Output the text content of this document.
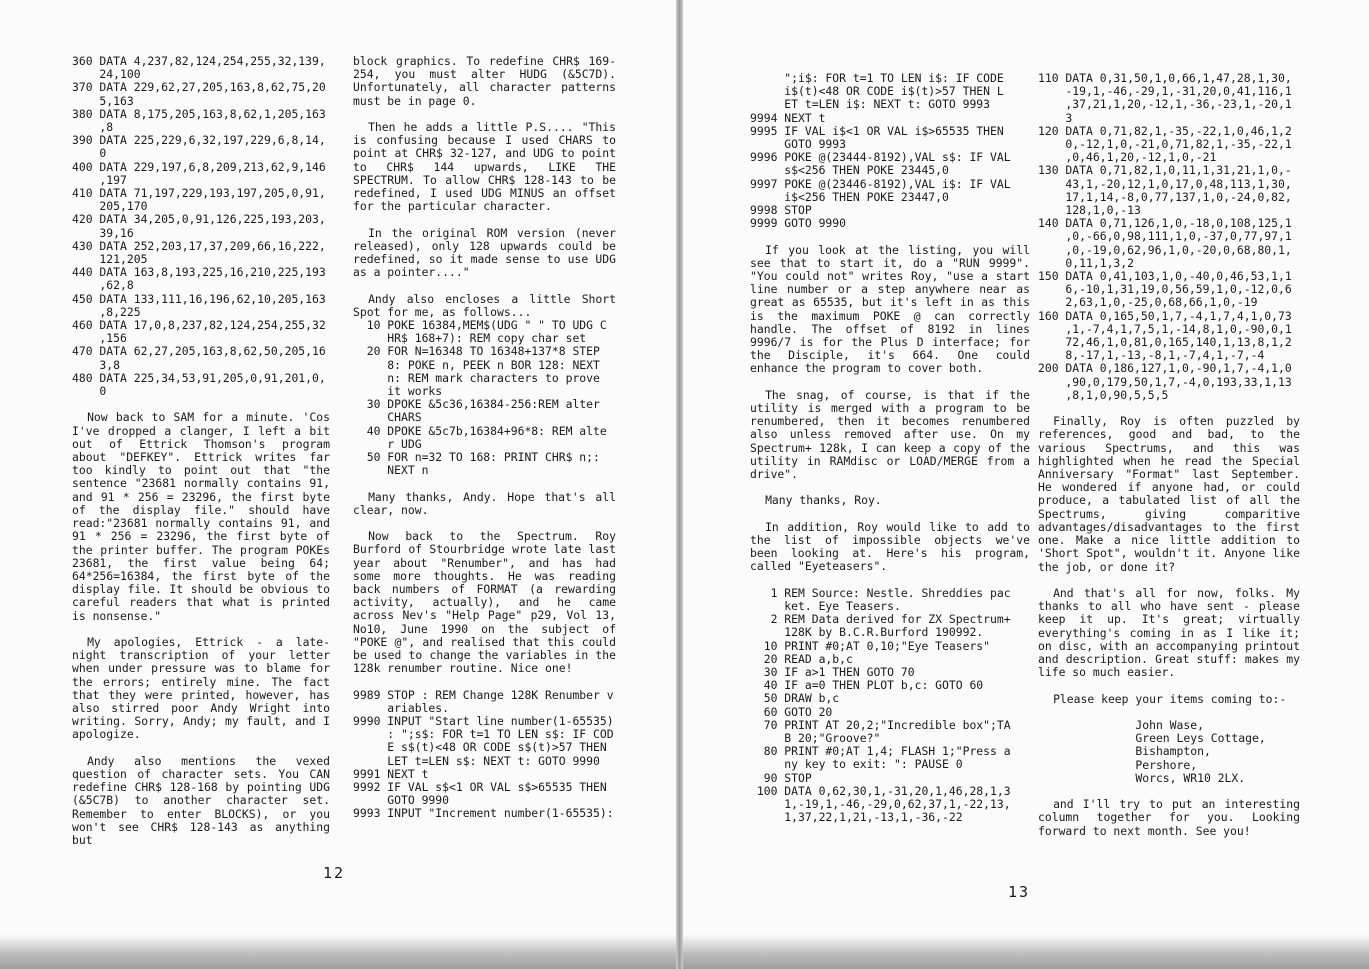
360 DATA 4,237,82,124,254,255,32,139,
24,100
370 DATA 229,62,27,205,163,8,62,75,20
5,163
380 DATA 8,175,205,163,8,62,1,205,163
,8
390 DATA 225,229,6,32,197,229,6,8,14,
0
400 DATA 229,197,6,8,209,213,62,9,146
,197
410 DATA 71,197,229,193,197,205,0,91,
205,170
420 DATA 34,205,0,91,126,225,193,203,
39,16
430 DATA 252,203,17,37,209,66,16,222,
121,205
440 DATA 163,8,193,225,16,210,225,193
,62,8
450 DATA 133,111,16,196,62,10,205,163
,8,225
460 DATA 17,0,8,237,82,124,254,255,32
,156
470 DATA 62,27,205,163,8,62,50,205,16
3,8
480 DATA 225,34,53,91,205,0,91,201,0,
0

Now back to SAM for a minute. 'Cos I've dropped a clanger, I left a bit out of Ettrick Thomson's program about "DEFKEY". Ettrick writes far too kindly to point out that "the sentence "23681 normally contains 91, and 91 * 256 = 23296, the first byte of the display file." should have read:"23681 normally contains 91, and 91 * 256 = 23296, the first byte of the printer buffer. The program POKEs 23681, the first value being 64; 64*256=16384, the first byte of the display file. It should be obvious to careful readers that what is printed is nonsense."

My apologies, Ettrick - a late-night transcription of your letter when under pressure was to blame for the errors; entirely mine. The fact that they were printed, however, has also stirred poor Andy Wright into writing. Sorry, Andy; my fault, and I apologize.

Andy also mentions the vexed question of character sets. You CAN redefine CHR$ 128-168 by pointing UDG (&5C7B) to another character set. Remember to enter BLOCKS), or you won't see CHR$ 128-143 as anything but

block graphics. To redefine CHR$ 169-254, you must alter HUDG (&5C7D). Unfortunately, all character patterns must be in page 0.

Then he adds a little P.S.... "This is confusing because I used CHARS to point at CHR$ 32-127, and UDG to point to CHR$ 144 upwards, LIKE THE SPECTRUM. To allow CHR$ 128-143 to be redefined, I used UDG MINUS an offset for the particular character.

In the original ROM version (never released), only 128 upwards could be redefined, so it made sense to use UDG as a pointer...."

Andy also encloses a little Short Spot for me, as follows...

10 POKE 16384,MEM$(UDG " " TO UDG C
HR$ 168+7): REM copy char set
20 FOR N=16348 TO 16348+137*8 STEP
8: POKE n, PEEK n BOR 128: NEXT
n: REM mark characters to prove
it works
30 DPOKE &5c36,16384-256:REM alter
CHARS
40 DPOKE &5c7b,16384+96*8: REM alte
r UDG
50 FOR n=32 TO 168: PRINT CHR$ n;:
NEXT n

Many thanks, Andy. Hope that's all clear, now.

Now back to the Spectrum. Roy Burford of Stourbridge wrote late last year about "Renumber", and has had some more thoughts. He was reading back numbers of FORMAT (a rewarding activity, actually), and he came across Nev's "Help Page" p29, Vol 13, No10, June 1990 on the subject of "POKE @", and realised that this could be used to change the variables in the 128k renumber routine. Nice one!

9989 STOP : REM Change 128K Renumber v
ariables.
9990 INPUT "Start line number(1-65535)
: ";s$: FOR t=1 TO LEN s$: IF COD
E s$(t)<48 OR CODE s$(t)>57 THEN
LET t=LEN s$: NEXT t: GOTO 9990
9991 NEXT t
9992 IF VAL s$<1 OR VAL s$>65535 THEN
GOTO 9990
9993 INPUT "Increment number(1-65535):
12
";i$: FOR t=1 TO LEN i$: IF CODE
i$(t)<48 OR CODE i$(t)>57 THEN L
ET t=LEN i$: NEXT t: GOTO 9993
9994 NEXT t
9995 IF VAL i$<1 OR VAL i$>65535 THEN
GOTO 9993
9996 POKE @(23444-8192),VAL s$: IF VAL
s$<256 THEN POKE 23445,0
9997 POKE @(23446-8192),VAL i$: IF VAL
i$<256 THEN POKE 23447,0
9998 STOP
9999 GOTO 9990

If you look at the listing, you will see that to start it, do a "RUN 9999". "You could not" writes Roy, "use a start line number or a step anywhere near as great as 65535, but it's left in as this is the maximum POKE @ can correctly handle. The offset of 8192 in lines 9996/7 is for the Plus D interface; for the Disciple, it's 664. One could enhance the program to cover both.

The snag, of course, is that if the utility is merged with a program to be renumbered, then it becomes renumbered also unless removed after use. On my Spectrum+ 128k, I can keep a copy of the utility in RAMdisc or LOAD/MERGE from a drive".

Many thanks, Roy.

In addition, Roy would like to add to the list of impossible objects we've been looking at. Here's his program, called "Eyeteasers".

1 REM Source: Nestle. Shreddies pac
ket. Eye Teasers.
2 REM Data derived for ZX Spectrum+
128K by B.C.R.Burford 190992.
10 PRINT #0;AT 0,10;"Eye Teasers"
20 READ a,b,c
30 IF a>1 THEN GOTO 70
40 IF a=0 THEN PLOT b,c: GOTO 60
50 DRAW b,c
60 GOTO 20
70 PRINT AT 20,2;"Incredible box";TA
B 20;"Groove?"
80 PRINT #0;AT 1,4; FLASH 1;"Press a
ny key to exit: ": PAUSE 0
90 STOP
100 DATA 0,62,30,1,-31,20,1,46,28,1,3
1,-19,1,-46,-29,0,62,37,1,-22,13,
1,37,22,1,21,-13,1,-36,-22
110 DATA 0,31,50,1,0,66,1,47,28,1,30,
-19,1,-46,-29,1,-31,20,0,41,116,1
,37,21,1,20,-12,1,-36,-23,1,-20,1
3
120 DATA 0,71,82,1,-35,-22,1,0,46,1,2
0,-12,1,0,-21,0,71,82,1,-35,-22,1
,0,46,1,20,-12,1,0,-21
130 DATA 0,71,82,1,0,11,1,31,21,1,0,-
43,1,-20,12,1,0,17,0,48,113,1,30,
17,1,14,-8,0,77,137,1,0,-24,0,82,
128,1,0,-13
140 DATA 0,71,126,1,0,-18,0,108,125,1
,0,-66,0,98,111,1,0,-37,0,77,97,1
,0,-19,0,62,96,1,0,-20,0,68,80,1,
0,11,1,3,2
150 DATA 0,41,103,1,0,-40,0,46,53,1,1
6,-10,1,31,19,0,56,59,1,0,-12,0,6
2,63,1,0,-25,0,68,66,1,0,-19
160 DATA 0,165,50,1,7,-4,1,7,4,1,0,73
,1,-7,4,1,7,5,1,-14,8,1,0,-90,0,1
72,46,1,0,81,0,165,140,1,13,8,1,2
8,-17,1,-13,-8,1,-7,4,1,-7,-4
200 DATA 0,186,127,1,0,-90,1,7,-4,1,0
,90,0,179,50,1,7,-4,0,193,33,1,13
,8,1,0,90,5,5,5

Finally, Roy is often puzzled by references, good and bad, to the various Spectrums, and this was highlighted when he read the Special Anniversary "Format" last September. He wondered if anyone had, or could produce, a tabulated list of all the Spectrums, giving comparitive advantages/disadvantages to the first one. Make a nice little addition to 'Short Spot", wouldn't it. Anyone like the job, or done it?

And that's all for now, folks. My thanks to all who have sent - please keep it up. It's great; virtually everything's coming in as I like it; on disc, with an accompanying printout and description. Great stuff: makes my life so much easier.

Please keep your items coming to:-

John Wase,

Green Leys Cottage,

Bishampton,

Pershore,

Worcs, WR10 2LX.

and I'll try to put an interesting column together for you. Looking forward to next month. See you!

13
